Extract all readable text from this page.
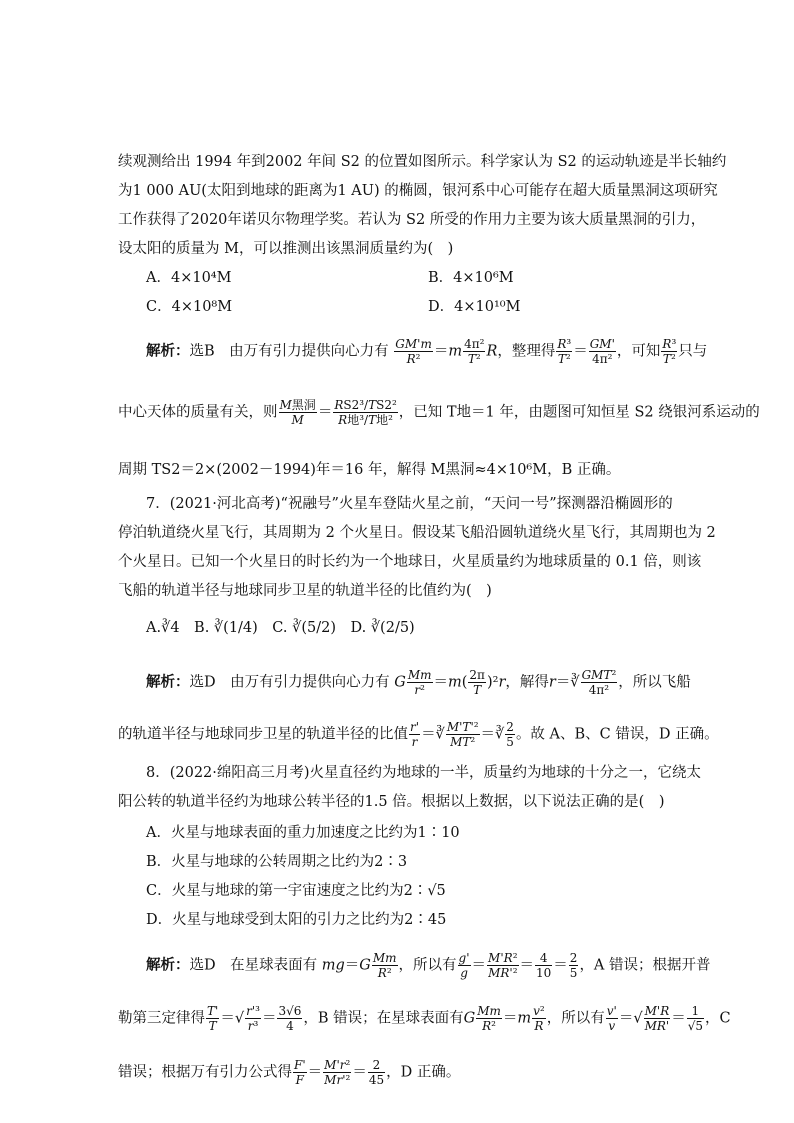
续观测给出 1994 年到2002 年间 S2 的位置如图所示。科学家认为 S2 的运动轨迹是半长轴约
为1 000 AU(太阳到地球的距离为1 AU) 的椭圆，银河系中心可能存在超大质量黑洞这项研究
工作获得了2020年诺贝尔物理学奖。若认为 S2 所受的作用力主要为该大质量黑洞的引力，
设太阳的质量为 M，可以推测出该黑洞质量约为(　)
A．4×10⁴M	B．4×10⁶M
C．4×10⁸M	D．4×10¹⁰M
解析：选B　由万有引力提供向心力有 $\frac{GM'm}{\text{R²}} =m \frac{\text{4π²}}{\text{T²}}$ R，整理得 $\frac{\text{R³}}{\text{T²}} = \frac{GM'}{\text{4π²}}$ ，可知 $\frac{\text{R³}}{\text{T²}}$ 只与
中心天体的质量有关，则 $\frac{\text{M黑洞}}{M} = \frac{\text{RS2³/TS2²}}{\text{R地³/T地²}}$ ，已知 T地＝1 年，由题图可知恒星 S2 绕银河系运动的
周期 TS2＝2×(2002－1994)年＝16 年，解得 M黑洞≈4×10⁶M，B 正确。
7．(2021·河北高考)“祝融号”火星车登陆火星之前，“天问一号”探测器沿椭圆形的
停泊轨道绕火星飞行，其周期为 2 个火星日。假设某飞船沿圆轨道绕火星飞行，其周期也为 2
个火星日。已知一个火星日的时长约为一个地球日，火星质量约为地球质量的 0.1 倍，则该
飞船的轨道半径与地球同步卫星的轨道半径的比值约为(　)
A.∛4　B. ∛(1/4)　C. ∛(5/2)　D. ∛(2/5)
解析：选D　由万有引力提供向心力有 G $\frac{Mm}{\text{r²}} =m( \frac{2\pi}{T} )^2r$，解得r＝∛ $\frac{\text{GMT²}}{\text{4π²}}$ ，所以飞船
的轨道半径与地球同步卫星的轨道半径的比值 $\frac{r'}{r}$ ＝∛ $\frac{\text{M'T'²}}{\text{MT²}}$ ＝∛ $\frac{2}{5}$ 。故 A、B、C 错误，D 正确。
8．(2022·绵阳高三月考)火星直径约为地球的一半，质量约为地球的十分之一，它绕太
阳公转的轨道半径约为地球公转半径的1.5 倍。根据以上数据，以下说法正确的是(　)
A．火星与地球表面的重力加速度之比约为1∶10
B．火星与地球的公转周期之比约为2∶3
C．火星与地球的第一宇宙速度之比约为2∶√5
D．火星与地球受到太阳的引力之比约为2∶45
解析：选D　在星球表面有 $mg=G \frac{Mm}{\text{R²}}$ ，所以有 $\frac{g'}{g} = \frac{\text{M'R²}}{\text{MR'²}} = \frac{4}{10} = \frac{2}{5}$ ，A 错误；根据开普
勒第三定律得 $\frac{T'}{T}$ ＝√ $\frac{\text{r'³}}{\text{r³}} = \frac{3√6}{4}$ ，B 错误；在星球表面有G $\frac{Mm}{\text{R²}} =m \frac{\text{v²}}{R}$ ，所以有 $\frac{v'}{v}$ ＝√ $\frac{M'R}{MR'} = \frac{1}{√5}$ ，C
错误；根据万有引力公式得 $\frac{F'}{F} = \frac{\text{M'r²}}{\text{Mr'²}} = \frac{2}{45}$ ，D 正确。
